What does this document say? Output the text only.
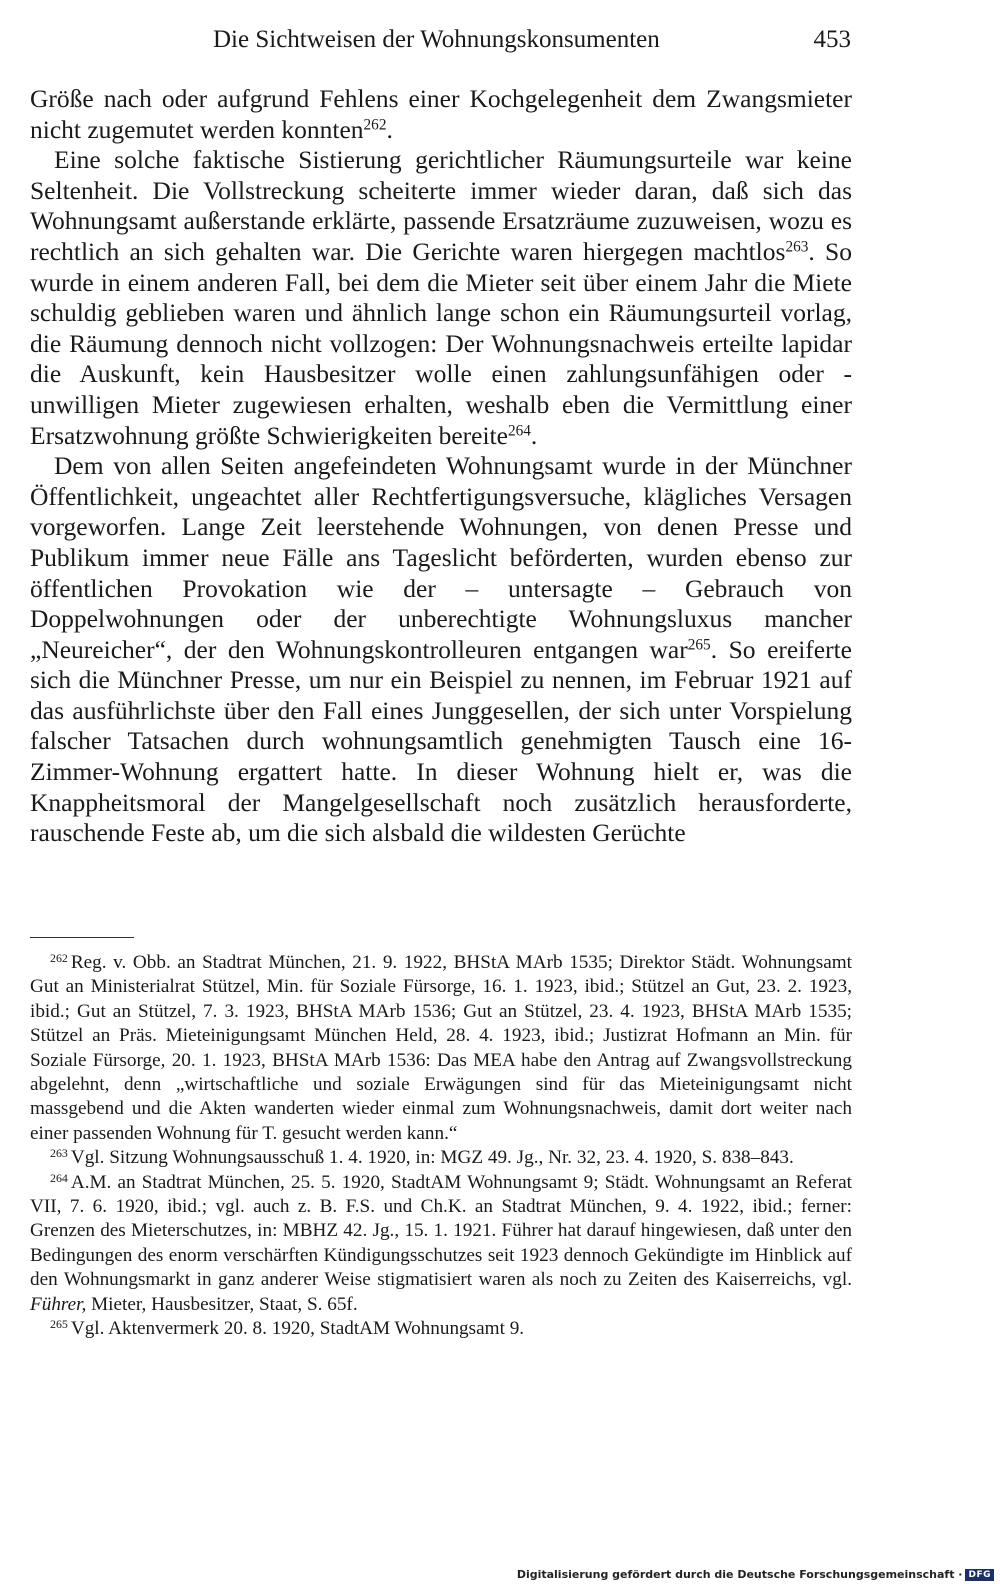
Die Sichtweisen der Wohnungskonsumenten	453

Größe nach oder aufgrund Fehlens einer Kochgelegenheit dem Zwangsmieter nicht zugemutet werden konnten$^{262}$.

Eine solche faktische Sistierung gerichtlicher Räumungsurteile war keine Seltenheit. Die Vollstreckung scheiterte immer wieder daran, daß sich das Wohnungsamt außerstande erklärte, passende Ersatzräume zuzuweisen, wozu es rechtlich an sich gehalten war. Die Gerichte waren hiergegen machtlos$^{263}$. So wurde in einem anderen Fall, bei dem die Mieter seit über einem Jahr die Miete schuldig geblieben waren und ähnlich lange schon ein Räumungsurteil vorlag, die Räumung dennoch nicht vollzogen: Der Wohnungsnachweis erteilte lapidar die Auskunft, kein Hausbesitzer wolle einen zahlungsunfähigen oder -unwilligen Mieter zugewiesen erhalten, weshalb eben die Vermittlung einer Ersatzwohnung größte Schwierigkeiten bereite$^{264}$.

Dem von allen Seiten angefeindeten Wohnungsamt wurde in der Münchner Öffentlichkeit, ungeachtet aller Rechtfertigungsversuche, klägliches Versagen vorgeworfen. Lange Zeit leerstehende Wohnungen, von denen Presse und Publikum immer neue Fälle ans Tageslicht beförderten, wurden ebenso zur öffentlichen Provokation wie der – untersagte – Gebrauch von Doppelwohnungen oder der unberechtigte Wohnungsluxus mancher „Neureicher“, der den Wohnungskontrolleuren entgangen war$^{265}$. So ereiferte sich die Münchner Presse, um nur ein Beispiel zu nennen, im Februar 1921 auf das ausführlichste über den Fall eines Junggesellen, der sich unter Vorspielung falscher Tatsachen durch wohnungsamtlich genehmigten Tausch eine 16-Zimmer-Wohnung ergattert hatte. In dieser Wohnung hielt er, was die Knappheitsmoral der Mangelgesellschaft noch zusätzlich herausforderte, rauschende Feste ab, um die sich alsbald die wildesten Gerüchte

$^{262}$ Reg. v. Obb. an Stadtrat München, 21. 9. 1922, BHStA MArb 1535; Direktor Städt. Wohnungsamt Gut an Ministerialrat Stützel, Min. für Soziale Fürsorge, 16. 1. 1923, ibid.; Stützel an Gut, 23. 2. 1923, ibid.; Gut an Stützel, 7. 3. 1923, BHStA MArb 1536; Gut an Stützel, 23. 4. 1923, BHStA MArb 1535; Stützel an Präs. Mieteinigungsamt München Held, 28. 4. 1923, ibid.; Justizrat Hofmann an Min. für Soziale Fürsorge, 20. 1. 1923, BHStA MArb 1536: Das MEA habe den Antrag auf Zwangsvollstreckung abgelehnt, denn „wirtschaftliche und soziale Erwägungen sind für das Mieteinigungsamt nicht massgebend und die Akten wanderten wieder einmal zum Wohnungsnachweis, damit dort weiter nach einer passenden Wohnung für T. gesucht werden kann.“

$^{263}$ Vgl. Sitzung Wohnungsausschuß 1. 4. 1920, in: MGZ 49. Jg., Nr. 32, 23. 4. 1920, S. 838–843.

$^{264}$ A.M. an Stadtrat München, 25. 5. 1920, StadtAM Wohnungsamt 9; Städt. Wohnungsamt an Referat VII, 7. 6. 1920, ibid.; vgl. auch z. B. F.S. und Ch.K. an Stadtrat München, 9. 4. 1922, ibid.; ferner: Grenzen des Mieterschutzes, in: MBHZ 42. Jg., 15. 1. 1921. Führer hat darauf hingewiesen, daß unter den Bedingungen des enorm verschärften Kündigungsschutzes seit 1923 dennoch Gekündigte im Hinblick auf den Wohnungsmarkt in ganz anderer Weise stigmatisiert waren als noch zu Zeiten des Kaiserreichs, vgl. Führer, Mieter, Hausbesitzer, Staat, S. 65f.

$^{265}$ Vgl. Aktenvermerk 20. 8. 1920, StadtAM Wohnungsamt 9.

Digitalisierung gefördert durch die Deutsche Forschungsgemeinschaft · DFG
